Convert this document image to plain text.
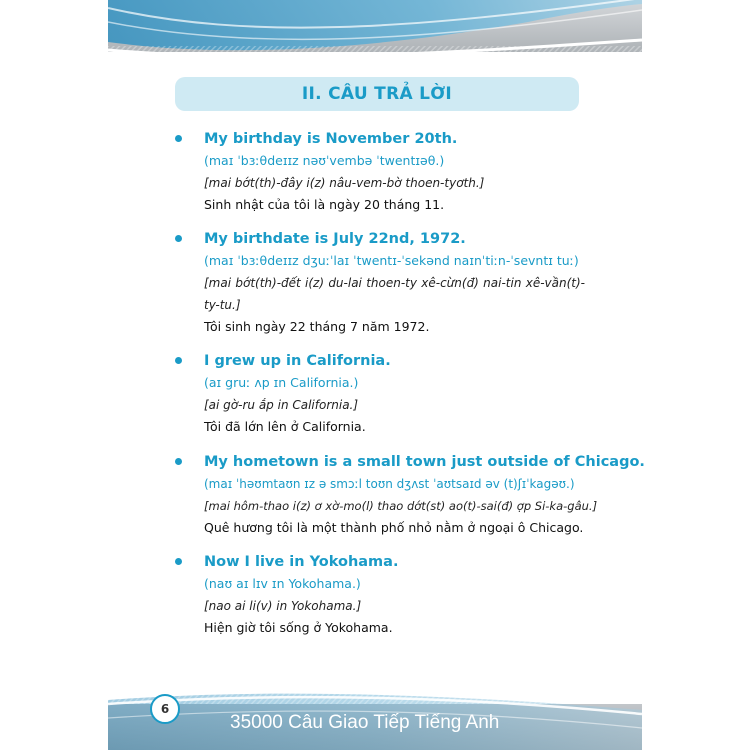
II. CÂU TRẢ LỜI
My birthday is November 20th.
(maɪ ˈbɜːθdeɪɪz nəʊˈvembə ˈtwentɪəθ.)
[mai bớt(th)-đây i(z) nâu-vem-bờ thoen-tyơth.]
Sinh nhật của tôi là ngày 20 tháng 11.
My birthdate is July 22nd, 1972.
(maɪ ˈbɜːθdeɪɪz dʒuːˈlaɪ ˈtwentɪ-ˈsekənd naɪnˈtiːn-ˈsevntɪ tuː)
[mai bớt(th)-đết i(z) du-lai thoen-ty xê-cừn(đ) nai-tin xê-vần(t)-ty-tu.]
Tôi sinh ngày 22 tháng 7 năm 1972.
I grew up in California.
(aɪ gruː ʌp ɪn California.)
[ai gờ-ru ắp in California.]
Tôi đã lớn lên ở California.
My hometown is a small town just outside of Chicago.
(maɪ ˈhəʊmtaʊn ɪz ə smɔːl toʊn dʒʌst ˈaʊtsaɪd əv (t)ʃɪˈkagəʊ.)
[mai hôm-thao i(z) ơ xờ-mo(l) thao dớt(st) ao(t)-sai(đ) ợp Si-ka-gâu.]
Quê hương tôi là một thành phố nhỏ nằm ở ngoại ô Chicago.
Now I live in Yokohama.
(naʊ aɪ lɪv ɪn Yokohama.)
[nao ai li(v) in Yokohama.]
Hiện giờ tôi sống ở Yokohama.
6
35000 Câu Giao Tiếp Tiếng Anh
